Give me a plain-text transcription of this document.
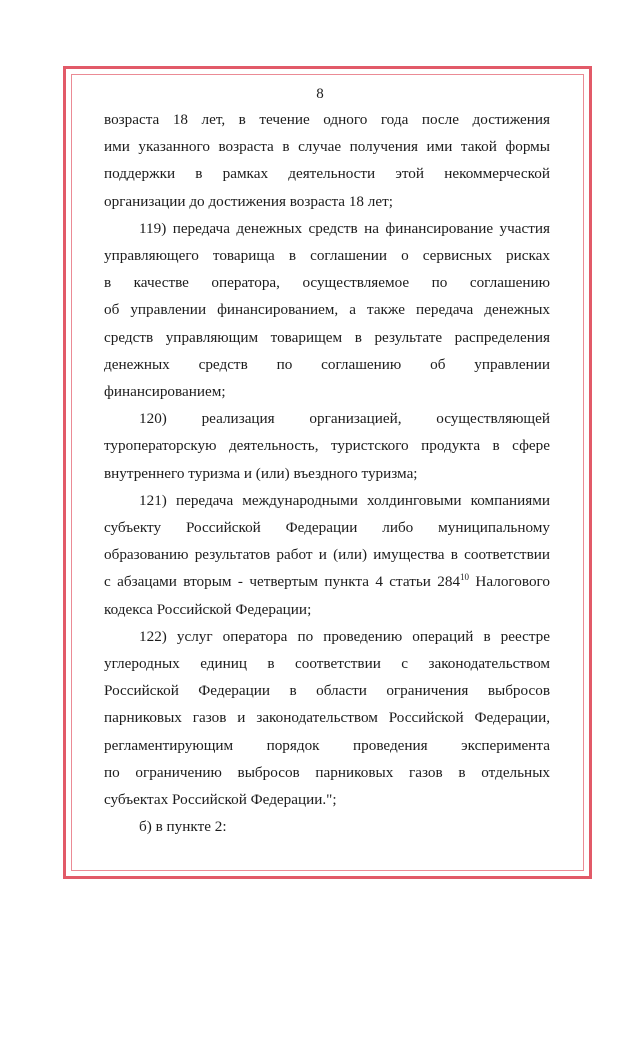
8
возраста 18 лет, в течение одного года после достижения
ими указанного возраста в случае получения ими такой формы
поддержки в рамках деятельности этой некоммерческой
организации до достижения возраста 18 лет;
119) передача денежных средств на финансирование участия
управляющего товарища в соглашении о сервисных рисках
в качестве оператора, осуществляемое по соглашению
об управлении финансированием, а также передача денежных
средств управляющим товарищем в результате распределения
денежных средств по соглашению об управлении
финансированием;
120) реализация организацией, осуществляющей
туроператорскую деятельность, туристского продукта в сфере
внутреннего туризма и (или) въездного туризма;
121) передача международными холдинговыми компаниями
субъекту Российской Федерации либо муниципальному
образованию результатов работ и (или) имущества в соответствии
с абзацами вторым - четвертым пункта 4 статьи $284^{10}$ Налогового
кодекса Российской Федерации;
122) услуг оператора по проведению операций в реестре
углеродных единиц в соответствии с законодательством
Российской Федерации в области ограничения выбросов
парниковых газов и законодательством Российской Федерации,
регламентирующим порядок проведения эксперимента
по ограничению выбросов парниковых газов в отдельных
субъектах Российской Федерации.";
б) в пункте 2:
